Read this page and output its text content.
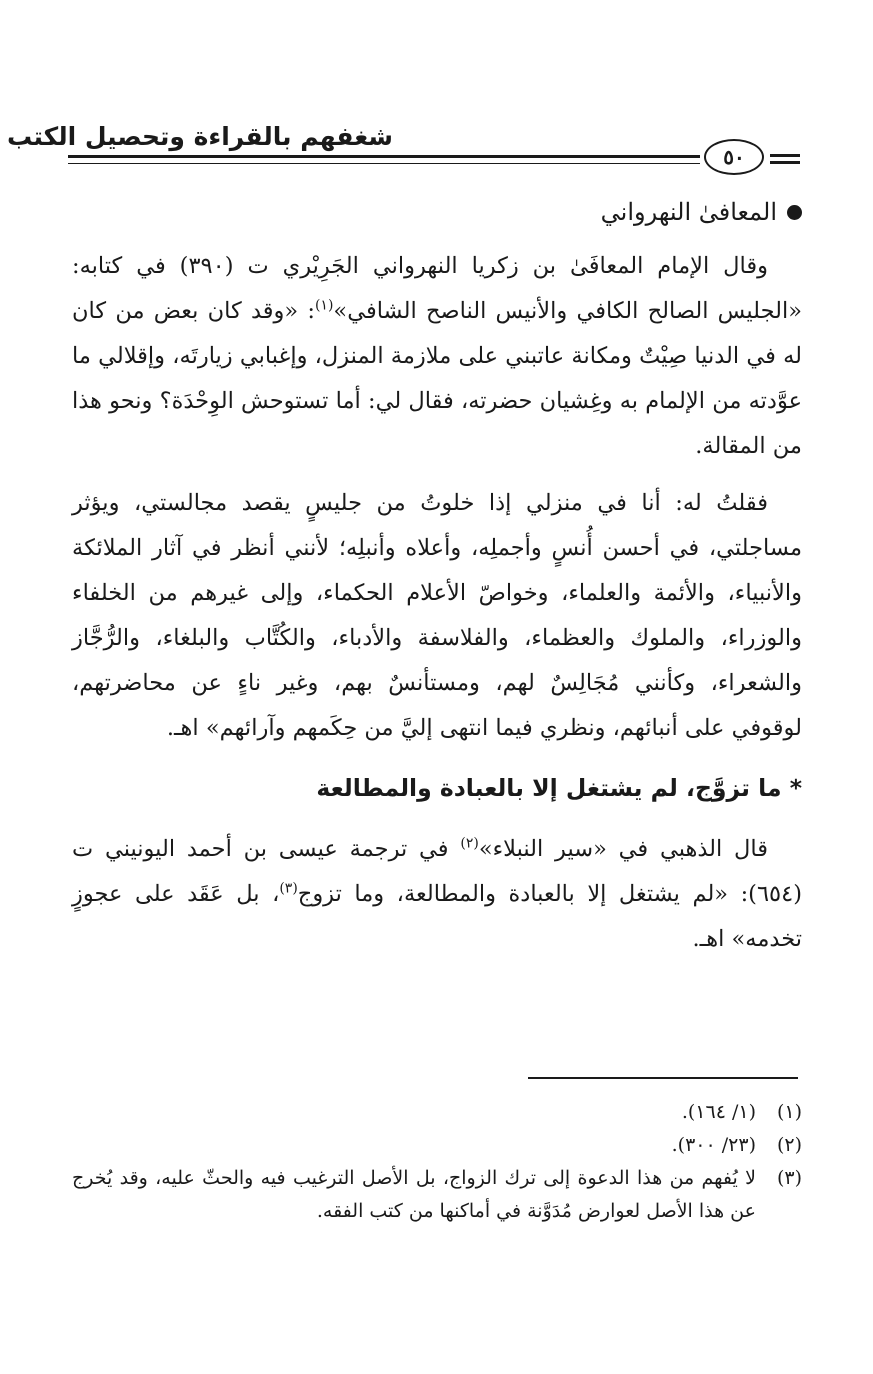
شغفهم بالقراءة وتحصيل الكتب
٥٠
المعافىٰ النهرواني

وقال الإمام المعافَىٰ بن زكريا النهرواني الجَرِيْري ت (٣٩٠) في كتابه: «الجليس الصالح الكافي والأنيس الناصح الشافي»$^{(١)}$: «وقد كان بعض من كان له في الدنيا صِيْتٌ ومكانة عاتبني على ملازمة المنزل، وإغبابي زيارتَه، وإقلالي ما عوَّدته من الإلمام به وغِشيان حضرته، فقال لي: أما تستوحش الوِحْدَة؟ ونحو هذا من المقالة.

فقلتُ له: أنا في منزلي إذا خلوتُ من جليسٍ يقصد مجالستي، ويؤثر مساجلتي، في أحسن أُنسٍ وأجملِه، وأعلاه وأنبلِه؛ لأنني أنظر في آثار الملائكة والأنبياء، والأئمة والعلماء، وخواصّ الأعلام الحكماء، وإلى غيرهم من الخلفاء والوزراء، والملوك والعظماء، والفلاسفة والأدباء، والكُتَّاب والبلغاء، والرُّجَّاز والشعراء، وكأنني مُجَالِسٌ لهم، ومستأنسٌ بهم، وغير ناءٍ عن محاضرتهم، لوقوفي على أنبائهم، ونظري فيما انتهى إليَّ من حِكَمهم وآرائهم» اهـ.

* ما تزوَّج، لم يشتغل إلا بالعبادة والمطالعة

قال الذهبي في «سير النبلاء»$^{(٢)}$ في ترجمة عيسى بن أحمد اليونيني ت (٦٥٤): «لم يشتغل إلا بالعبادة والمطالعة، وما تزوج$^{(٣)}$، بل عَقَد على عجوزٍ تخدمه» اهـ.

(١)
(١/ ١٦٤).
(٢)
(٢٣/ ٣٠٠).
(٣)
لا يُفهم من هذا الدعوة إلى ترك الزواج، بل الأصل الترغيب فيه والحثّ عليه، وقد يُخرج عن هذا الأصل لعوارض مُدَوَّنة في أماكنها من كتب الفقه.
